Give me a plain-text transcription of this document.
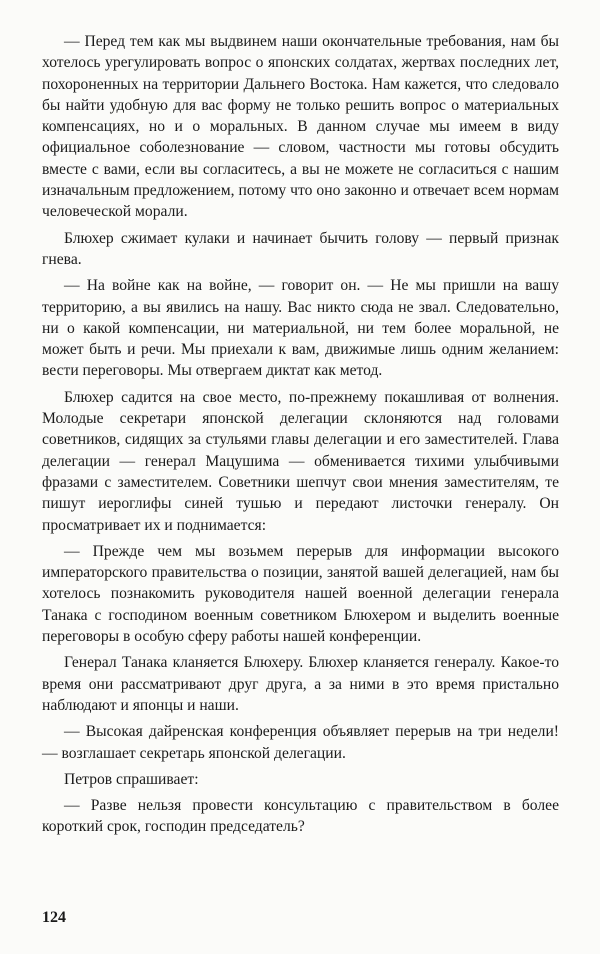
— Перед тем как мы выдвинем наши окончательные требования, нам бы хотелось урегулировать вопрос о японских солдатах, жертвах последних лет, похороненных на территории Дальнего Востока. Нам кажется, что следовало бы найти удобную для вас форму не только решить вопрос о материальных компенсациях, но и о моральных. В данном случае мы имеем в виду официальное соболезнование — словом, частности мы готовы обсудить вместе с вами, если вы согласитесь, а вы не можете не согласиться с нашим изначальным предложением, потому что оно законно и отвечает всем нормам человеческой морали.

Блюхер сжимает кулаки и начинает бычить голову — первый признак гнева.

— На войне как на войне, — говорит он. — Не мы пришли на вашу территорию, а вы явились на нашу. Вас никто сюда не звал. Следовательно, ни о какой компенсации, ни материальной, ни тем более моральной, не может быть и речи. Мы приехали к вам, движимые лишь одним желанием: вести переговоры. Мы отвергаем диктат как метод.

Блюхер садится на свое место, по-прежнему покашливая от волнения. Молодые секретари японской делегации склоняются над головами советников, сидящих за стульями главы делегации и его заместителей. Глава делегации — генерал Мацушима — обменивается тихими улыбчивыми фразами с заместителем. Советники шепчут свои мнения заместителям, те пишут иероглифы синей тушью и передают листочки генералу. Он просматривает их и поднимается:

— Прежде чем мы возьмем перерыв для информации высокого императорского правительства о позиции, занятой вашей делегацией, нам бы хотелось познакомить руководителя нашей военной делегации генерала Танака с господином военным советником Блюхером и выделить военные переговоры в особую сферу работы нашей конференции.

Генерал Танака кланяется Блюхеру. Блюхер кланяется генералу. Какое-то время они рассматривают друг друга, а за ними в это время пристально наблюдают и японцы и наши.

— Высокая дайренская конференция объявляет перерыв на три недели! — возглашает секретарь японской делегации.

Петров спрашивает:

— Разве нельзя провести консультацию с правительством в более короткий срок, господин председатель?

124
